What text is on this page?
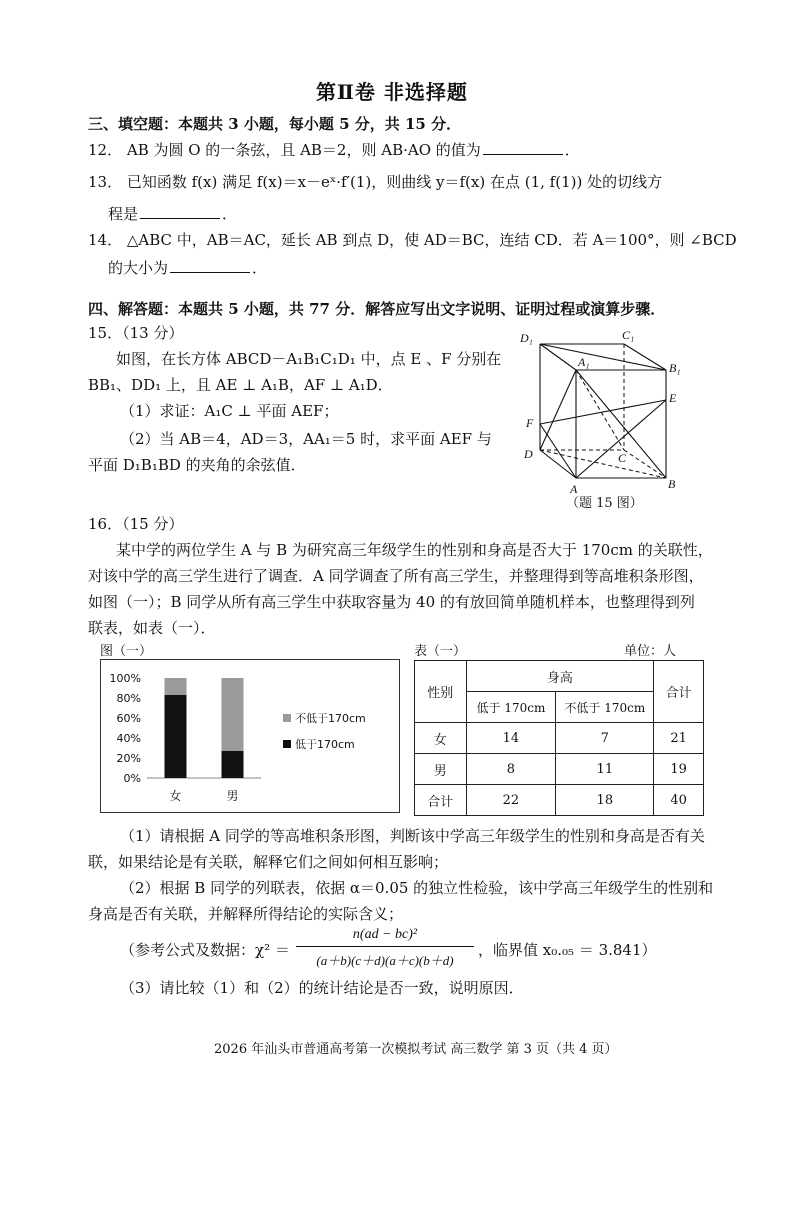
第Ⅱ卷 非选择题
三、填空题：本题共 3 小题，每小题 5 分，共 15 分．
12． AB 为圆 O 的一条弦，且 AB＝2，则 AB·AO 的值为	．
13． 已知函数 f(x) 满足 f(x)＝x－eˣ·f′(1)，则曲线 y＝f(x) 在点 (1, f(1)) 处的切线方
程是	．
14． △ABC 中，AB＝AC，延长 AB 到点 D，使 AD＝BC，连结 CD．若 A＝100°，则 ∠BCD
的大小为	．
四、解答题：本题共 5 小题，共 77 分．解答应写出文字说明、证明过程或演算步骤．
15．（13 分）
如图，在长方体 ABCD－A₁B₁C₁D₁ 中，点 E 、F 分别在
BB₁、DD₁ 上，且 AE ⊥ A₁B，AF ⊥ A₁D．
（1）求证：A₁C ⊥ 平面 AEF；
（2）当 AB＝4，AD＝3，AA₁＝5 时，求平面 AEF 与
平面 D₁B₁BD 的夹角的余弦值．
D₁	C₁
A₁	B₁
E
F
D	C
A	B
（题 15 图）
16．（15 分）
某中学的两位学生 A 与 B 为研究高三年级学生的性别和身高是否大于 170cm 的关联性，
对该中学的高三学生进行了调查．A 同学调查了所有高三学生，并整理得到等高堆积条形图，
如图（一）；B 同学从所有高三学生中获取容量为 40 的有放回简单随机样本，也整理得到列
联表，如表（一）．
图（一）
0%
20%
40%
60%
80%
100%
女	男
不低于170cm
低于170cm
表（一）	单位：人
性别	身高		合计
	低于 170cm	不低于 170cm	
女	14	7	21
男	8	11	19
合计	22	18	40
（1）请根据 A 同学的等高堆积条形图，判断该中学高三年级学生的性别和身高是否有关
联，如果结论是有关联，解释它们之间如何相互影响；
（2）根据 B 同学的列联表，依据 α＝0.05 的独立性检验，该中学高三年级学生的性别和
身高是否有关联，并解释所得结论的实际含义；
（参考公式及数据：χ² ＝
n(ad − bc)²
(a＋b)(c＋d)(a＋c)(b＋d)
，临界值 x₀.₀₅ ＝ 3.841）
（3）请比较（1）和（2）的统计结论是否一致，说明原因．
2026 年汕头市普通高考第一次模拟考试 高三数学 第 3 页（共 4 页）
